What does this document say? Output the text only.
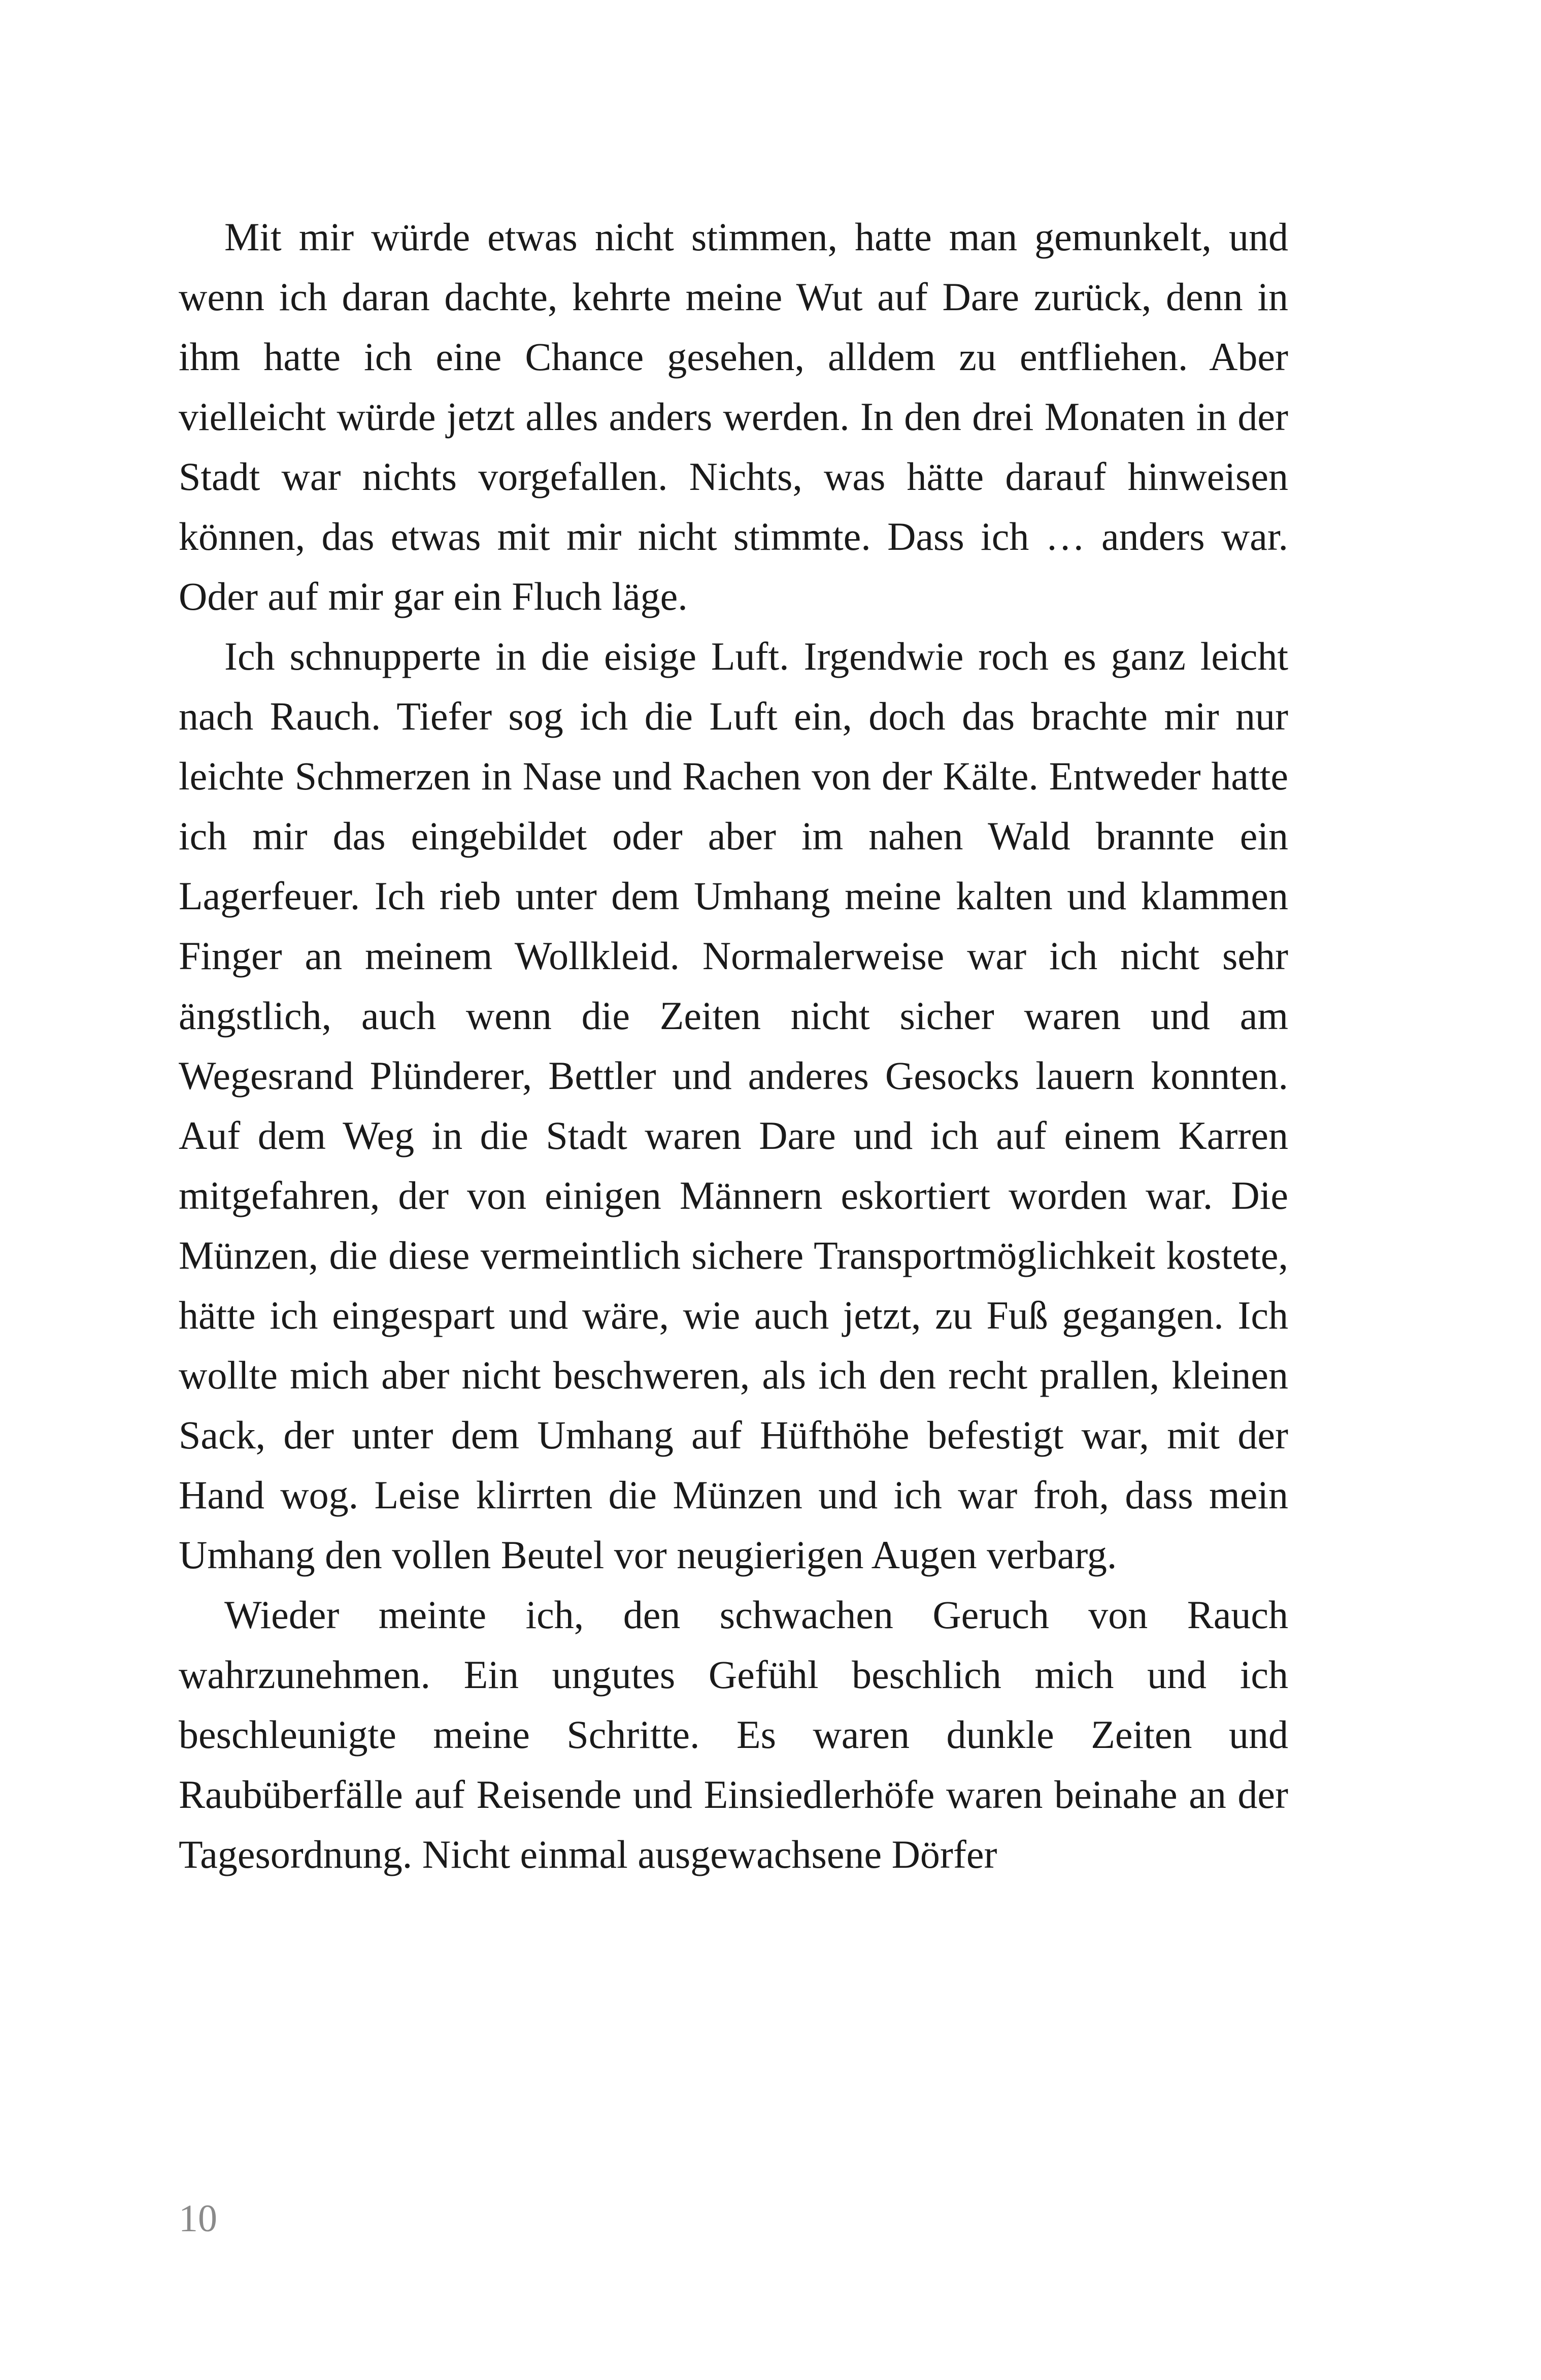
Mit mir würde etwas nicht stimmen, hatte man gemunkelt, und wenn ich daran dachte, kehrte meine Wut auf Dare zurück, denn in ihm hatte ich eine Chance gesehen, alldem zu entfliehen. Aber vielleicht würde jetzt alles anders werden. In den drei Monaten in der Stadt war nichts vorgefallen. Nichts, was hätte darauf hinweisen können, das etwas mit mir nicht stimmte. Dass ich … anders war. Oder auf mir gar ein Fluch läge.

Ich schnupperte in die eisige Luft. Irgendwie roch es ganz leicht nach Rauch. Tiefer sog ich die Luft ein, doch das brachte mir nur leichte Schmerzen in Nase und Rachen von der Kälte. Entweder hatte ich mir das eingebildet oder aber im nahen Wald brannte ein Lagerfeuer. Ich rieb unter dem Umhang meine kalten und klammen Finger an meinem Wollkleid. Normalerweise war ich nicht sehr ängstlich, auch wenn die Zeiten nicht sicher waren und am Wegesrand Plünderer, Bettler und anderes Gesocks lauern konnten. Auf dem Weg in die Stadt waren Dare und ich auf einem Karren mitgefahren, der von einigen Männern eskortiert worden war. Die Münzen, die diese vermeintlich sichere Transportmöglichkeit kostete, hätte ich eingespart und wäre, wie auch jetzt, zu Fuß gegangen. Ich wollte mich aber nicht beschweren, als ich den recht prallen, kleinen Sack, der unter dem Umhang auf Hüfthöhe befestigt war, mit der Hand wog. Leise klirrten die Münzen und ich war froh, dass mein Umhang den vollen Beutel vor neugierigen Augen verbarg.

Wieder meinte ich, den schwachen Geruch von Rauch wahrzunehmen. Ein ungutes Gefühl beschlich mich und ich beschleunigte meine Schritte. Es waren dunkle Zeiten und Raubüberfälle auf Reisende und Einsiedlerhöfe waren beinahe an der Tagesordnung. Nicht einmal ausgewachsene Dörfer

10
